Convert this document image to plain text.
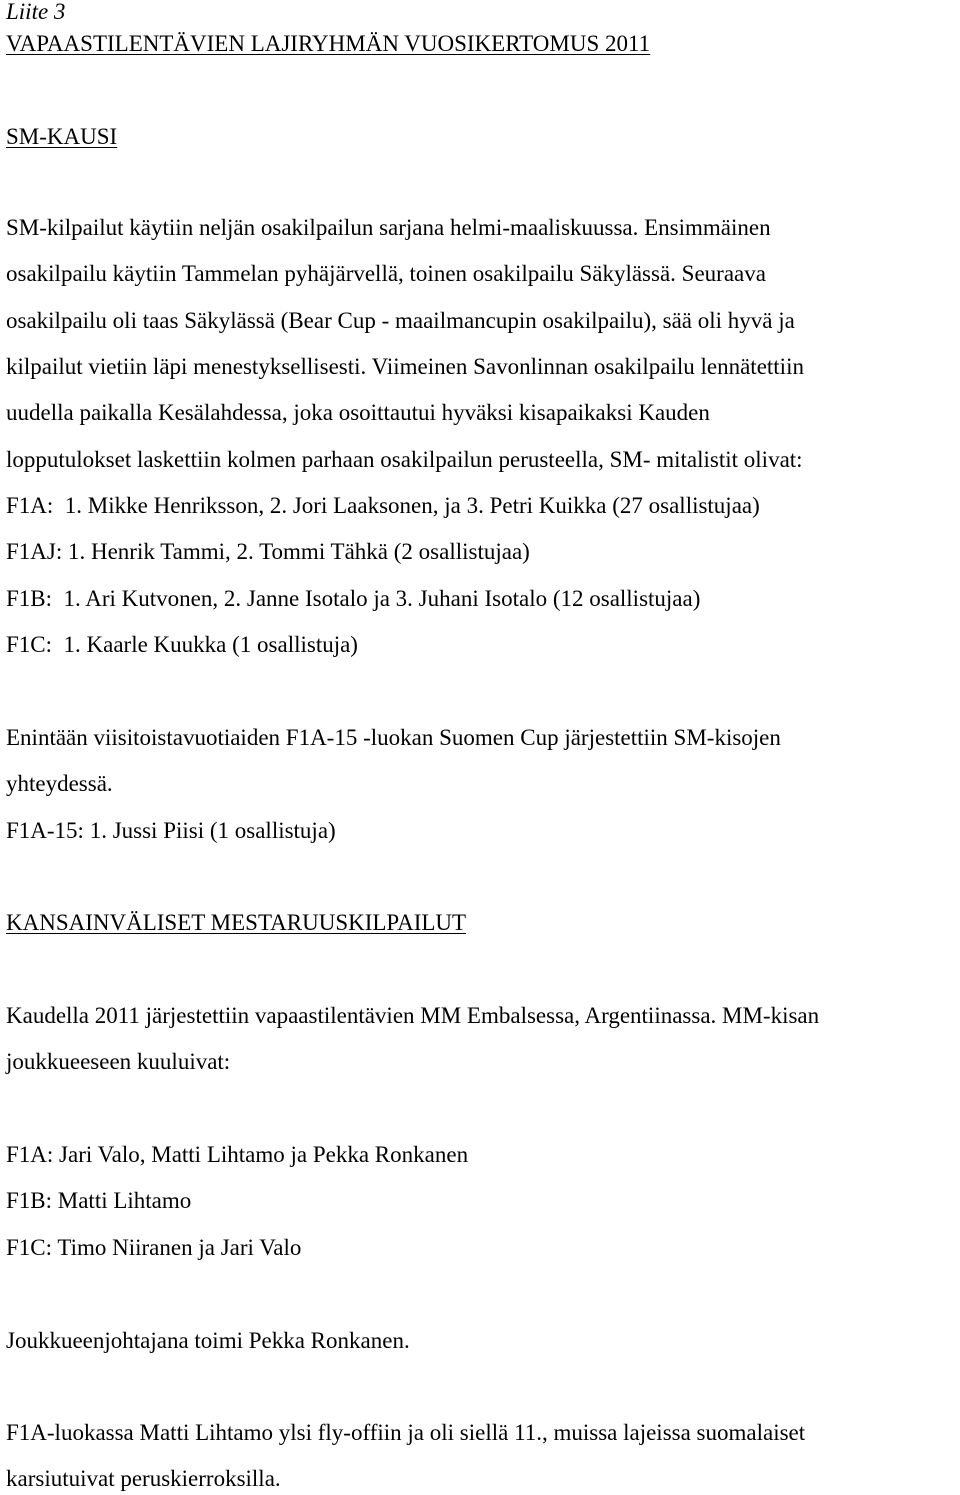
Liite 3
VAPAASTILENTÄVIEN LAJIRYHMÄN VUOSIKERTOMUS 2011
SM-KAUSI
SM-kilpailut käytiin neljän osakilpailun sarjana helmi-maaliskuussa. Ensimmäinen
osakilpailu käytiin Tammelan pyhäjärvellä, toinen osakilpailu Säkylässä. Seuraava
osakilpailu oli taas Säkylässä (Bear Cup - maailmancupin osakilpailu), sää oli hyvä ja
kilpailut vietiin läpi menestyksellisesti. Viimeinen Savonlinnan osakilpailu lennätettiin
uudella paikalla Kesälahdessa, joka osoittautui hyväksi kisapaikaksi Kauden
lopputulokset laskettiin kolmen parhaan osakilpailun perusteella, SM- mitalistit olivat:
F1A:  1. Mikke Henriksson, 2. Jori Laaksonen, ja 3. Petri Kuikka (27 osallistujaa)
F1AJ: 1. Henrik Tammi, 2. Tommi Tähkä (2 osallistujaa)
F1B:  1. Ari Kutvonen, 2. Janne Isotalo ja 3. Juhani Isotalo (12 osallistujaa)
F1C:  1. Kaarle Kuukka (1 osallistuja)
Enintään viisitoistavuotiaiden F1A-15 -luokan Suomen Cup järjestettiin SM-kisojen
yhteydessä.
F1A-15: 1. Jussi Piisi (1 osallistuja)
KANSAINVÄLISET MESTARUUSKILPAILUT
Kaudella 2011 järjestettiin vapaastilentävien MM Embalsessa, Argentiinassa. MM-kisan
joukkueeseen kuuluivat:
F1A: Jari Valo, Matti Lihtamo ja Pekka Ronkanen
F1B: Matti Lihtamo
F1C: Timo Niiranen ja Jari Valo
Joukkueenjohtajana toimi Pekka Ronkanen.
F1A-luokassa Matti Lihtamo ylsi fly-offiin ja oli siellä 11., muissa lajeissa suomalaiset
karsiutuivat peruskierroksilla.
